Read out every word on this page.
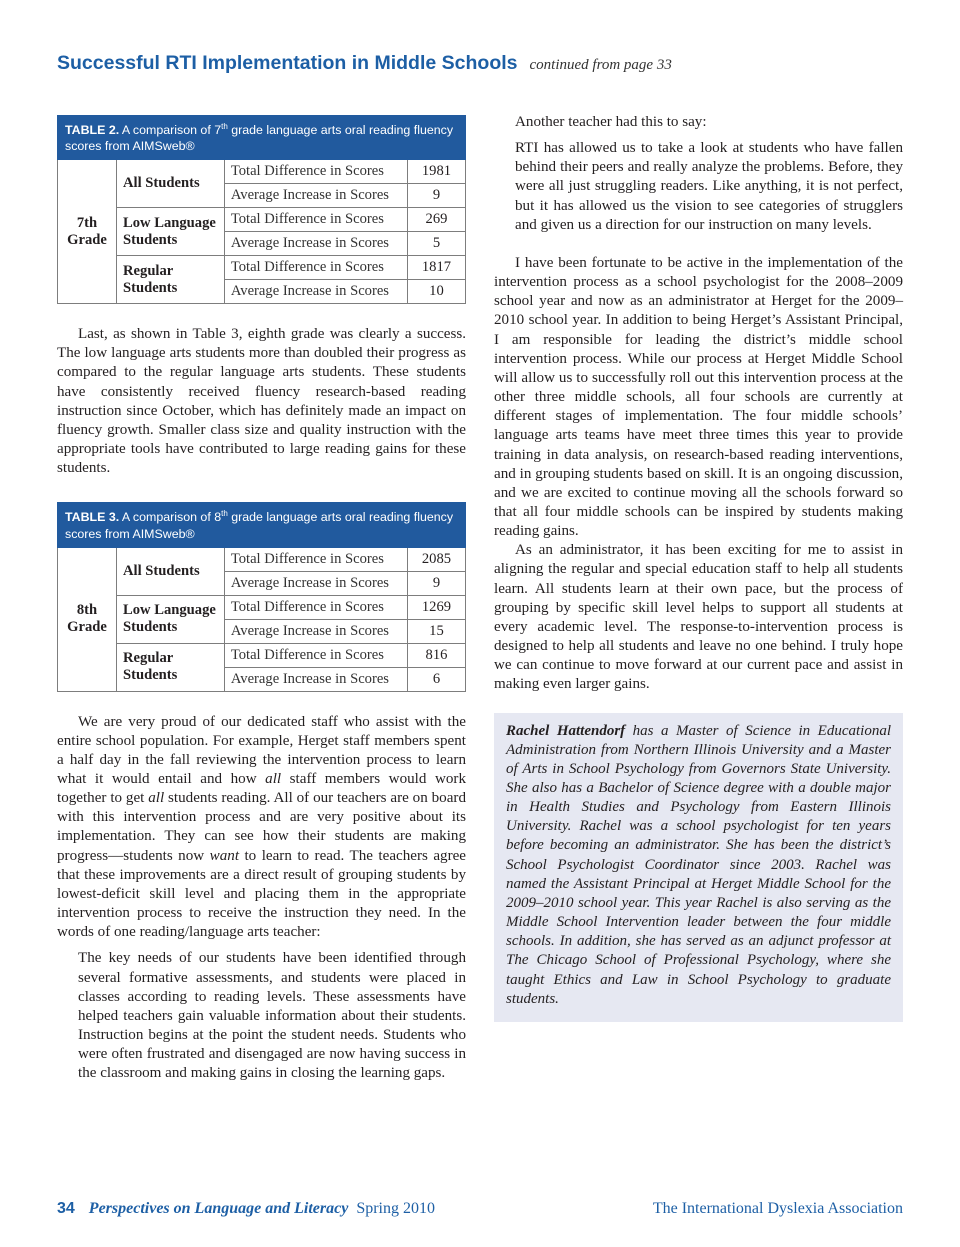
Successful RTI Implementation in Middle Schools continued from page 33
TABLE 2. A comparison of 7th grade language arts oral reading fluency scores from AIMSweb®			
7th Grade	All Students	Total Difference in Scores	1981
		Average Increase in Scores	9
	Low Language Students	Total Difference in Scores	269
		Average Increase in Scores	5
	Regular Students	Total Difference in Scores	1817
		Average Increase in Scores	10

Last, as shown in Table 3, eighth grade was clearly a success. The low language arts students more than doubled their progress as compared to the regular language arts students. These students have consistently received fluency research-based reading instruction since October, which has definitely made an impact on fluency growth. Smaller class size and quality instruction with the appropriate tools have contributed to large reading gains for these students.

TABLE 3. A comparison of 8th grade language arts oral reading fluency scores from AIMSweb®			
8th Grade	All Students	Total Difference in Scores	2085
		Average Increase in Scores	9
	Low Language Students	Total Difference in Scores	1269
		Average Increase in Scores	15
	Regular Students	Total Difference in Scores	816
		Average Increase in Scores	6

We are very proud of our dedicated staff who assist with the entire school population. For example, Herget staff members spent a half day in the fall reviewing the intervention process to learn what it would entail and how all staff members would work together to get all students reading. All of our teachers are on board with this intervention process and are very positive about its implementation. They can see how their students are making progress—students now want to learn to read. The teachers agree that these improvements are a direct result of grouping students by lowest-deficit skill level and placing them in the appropriate intervention process to receive the instruction they need. In the words of one reading/language arts teacher:

The key needs of our students have been identified through several formative assessments, and students were placed in classes according to reading levels. These assessments have helped teachers gain valuable information about their students. Instruction begins at the point the student needs. Students who were often frustrated and disengaged are now having success in the classroom and making gains in closing the learning gaps.

Another teacher had this to say:

RTI has allowed us to take a look at students who have fallen behind their peers and really analyze the problems. Before, they were all just struggling readers. Like anything, it is not perfect, but it has allowed us the vision to see categories of strugglers and given us a direction for our instruction on many levels.

I have been fortunate to be active in the implementation of the intervention process as a school psychologist for the 2008–2009 school year and now as an administrator at Herget for the 2009–2010 school year. In addition to being Herget’s Assistant Principal, I am responsible for leading the district’s middle school intervention process. While our process at Herget Middle School will allow us to successfully roll out this intervention process at the other three middle schools, all four schools are currently at different stages of implementation. The four middle schools’ language arts teams have meet three times this year to provide training in data analysis, on research-based reading interventions, and in grouping students based on skill. It is an ongoing discussion, and we are excited to continue moving all the schools forward so that all four middle schools can be inspired by students making reading gains.

As an administrator, it has been exciting for me to assist in aligning the regular and special education staff to help all students learn. All students learn at their own pace, but the process of grouping by specific skill level helps to support all students at every academic level. The response-to-intervention process is designed to help all students and leave no one behind. I truly hope we can continue to move forward at our current pace and assist in making even larger gains.

Rachel Hattendorf has a Master of Science in Educational Administration from Northern Illinois University and a Master of Arts in School Psychology from Governors State University. She also has a Bachelor of Science degree with a double major in Health Studies and Psychology from Eastern Illinois University. Rachel was a school psychologist for ten years before becoming an administrator. She has been the district’s School Psychologist Coordinator since 2003. Rachel was named the Assistant Principal at Herget Middle School for the 2009–2010 school year. This year Rachel is also serving as the Middle School Intervention leader between the four middle schools. In addition, she has served as an adjunct professor at The Chicago School of Professional Psychology, where she taught Ethics and Law in School Psychology to graduate students.
34 Perspectives on Language and Literacy Spring 2010	The International Dyslexia Association
